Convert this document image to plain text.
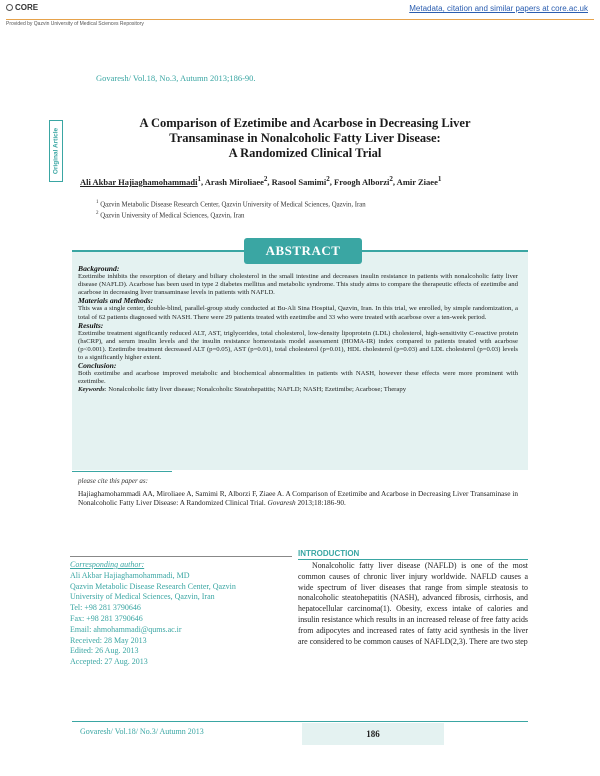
CORE	Metadata, citation and similar papers at core.ac.uk
Provided by Qazvin University of Medical Sciences Repository
Govaresh/ Vol.18, No.3, Autumn 2013;186-90.
Original Article
A Comparison of Ezetimibe and Acarbose in Decreasing Liver
Transaminase in Nonalcoholic Fatty Liver Disease:
A Randomized Clinical Trial
Ali Akbar Hajiaghamohammadi$^1$, Arash Miroliaee$^2$, Rasool Samimi$^2$, Froogh Alborzi$^2$, Amir Ziaee$^1$
$^1$ Qazvin Metabolic Disease Research Center, Qazvin University of Medical Sciences, Qazvin, Iran
$^2$ Qazvin University of Medical Sciences, Qazvin, Iran
ABSTRACT
Background:

Ezetimibe inhibits the resorption of dietary and biliary cholesterol in the small intestine and decreases insulin resistance in patients with nonalcoholic fatty liver disease (NAFLD). Acarbose has been used in type 2 diabetes mellitus and metabolic syndrome. This study aims to compare the therapeutic effects of ezetimibe and acarbose in decreasing liver transaminase levels in patients with NAFLD.

Materials and Methods:

This was a single center, double-blind, parallel-group study conducted at Bu-Ali Sina Hospital, Qazvin, Iran. In this trial, we enrolled, by simple randomization, a total of 62 patients diagnosed with NASH. There were 29 patients treated with ezetimibe and 33 who were treated with acarbose over a ten-week period.

Results:

Ezetimibe treatment significantly reduced ALT, AST, triglycerides, total cholesterol, low-density lipoprotein (LDL) cholesterol, high-sensitivity C-reactive protein (hsCRP), and serum insulin levels and the insulin resistance homeostasis model assessment (HOMA-IR) index compared to patients treated with acarbose (p<0.001). Ezetimibe treatment decreased ALT (p=0.05), AST (p=0.01), total cholesterol (p=0.01), HDL cholesterol (p=0.03) and LDL cholesterol (p=0.03) levels to a significantly higher extent.

Conclusion:

Both ezetimibe and acarbose improved metabolic and biochemical abnormalities in patients with NASH, however these effects were more prominent with ezetimibe.

Keywords: Nonalcoholic fatty liver disease; Nonalcoholic Steatohepatitis; NAFLD; NASH; Ezetimibe; Acarbose; Therapy

please cite this paper as:
Hajiaghamohammadi AA, Miroliaee A, Samimi R, Alborzi F, Ziaee A. A Comparison of Ezetimibe and Acarbose in Decreasing Liver Transaminase in Nonalcoholic Fatty Liver Disease: A Randomized Clinical Trial. Govaresh 2013;18:186-90.
Corresponding author:
Ali Akbar Hajiaghamohammadi, MD
Qazvin Metabolic Disease Research Center, Qazvin
University of Medical Sciences, Qazvin, Iran
Tel: +98 281 3790646
Fax: +98 281 3790646
Email: ahmohammadi@qums.ac.ir
Received: 28 May 2013
Edited: 26 Aug. 2013
Accepted: 27 Aug. 2013
INTRODUCTION
Nonalcoholic fatty liver disease (NAFLD) is one of the most common causes of chronic liver injury worldwide. NAFLD causes a wide spectrum of liver diseases that range from simple steatosis to nonalcoholic steatohepatitis (NASH), advanced fibrosis, cirrhosis, and hepatocellular carcinoma(1). Obesity, excess intake of calories and insulin resistance which results in an increased release of free fatty acids from adipocytes and increased rates of fatty acid synthesis in the liver are considered to be common causes of NAFLD(2,3). There are two step
Govaresh/ Vol.18/ No.3/ Autumn 2013	186
